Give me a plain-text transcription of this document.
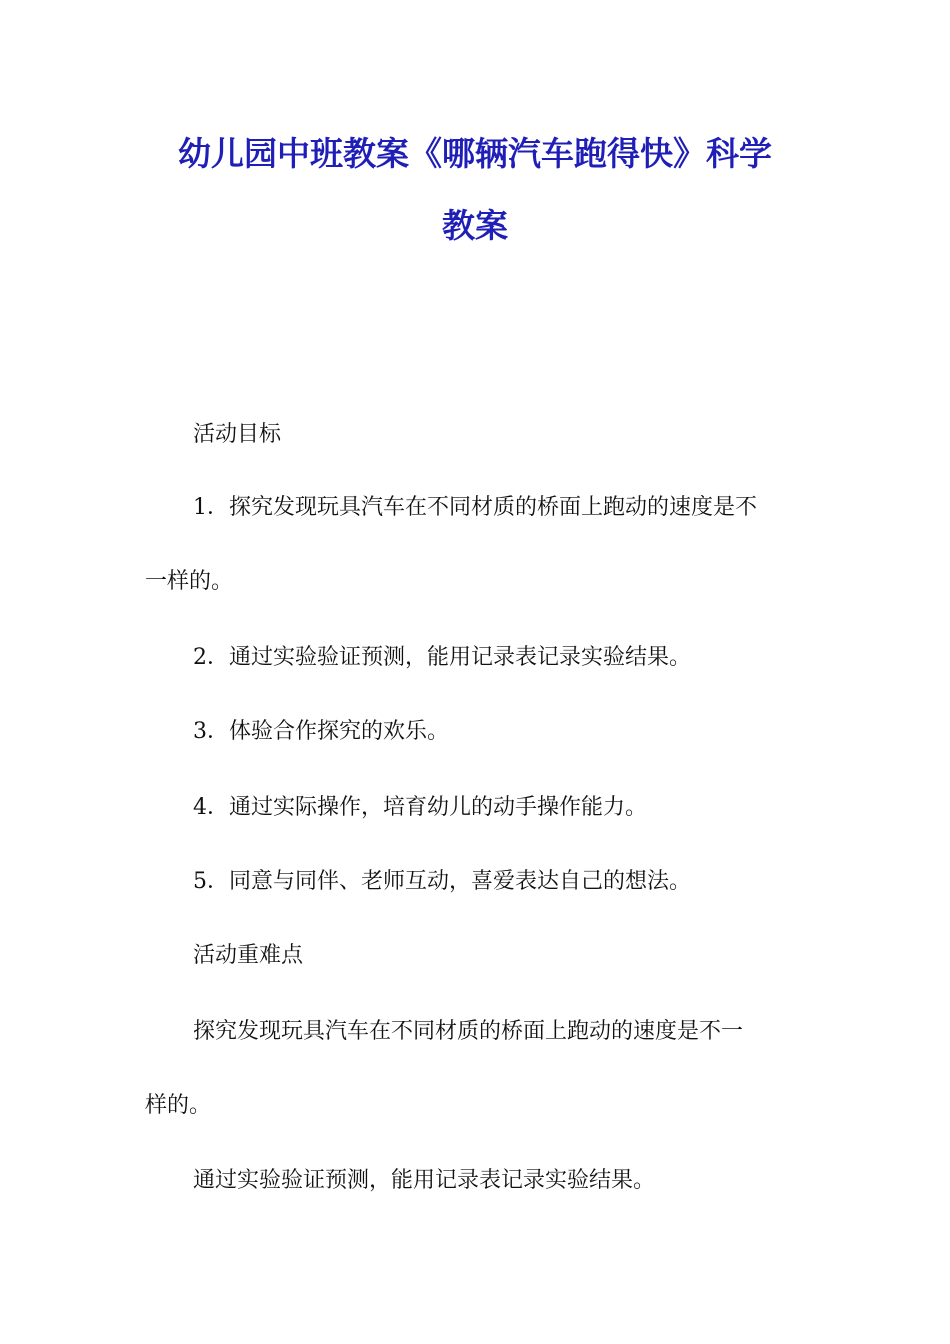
幼儿园中班教案《哪辆汽车跑得快》科学
教案

活动目标

1．探究发现玩具汽车在不同材质的桥面上跑动的速度是不

一样的。

2．通过实验验证预测，能用记录表记录实验结果。

3．体验合作探究的欢乐。

4．通过实际操作，培育幼儿的动手操作能力。

5．同意与同伴、老师互动，喜爱表达自己的想法。

活动重难点

探究发现玩具汽车在不同材质的桥面上跑动的速度是不一

样的。

通过实验验证预测，能用记录表记录实验结果。
